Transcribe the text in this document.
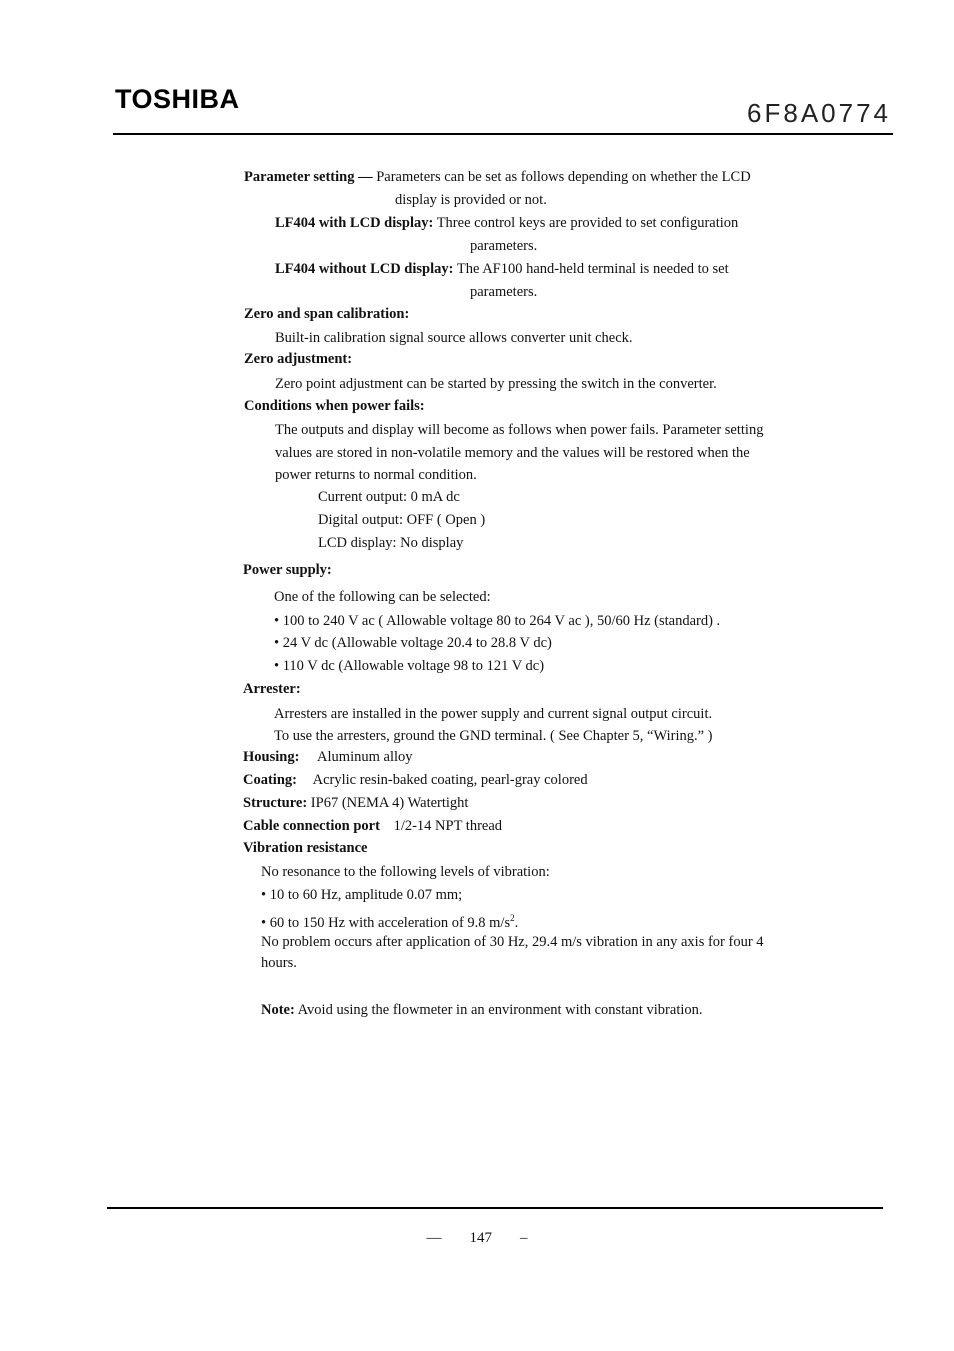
TOSHIBA	6F8A0774
Parameter setting — Parameters can be set as follows depending on whether the LCD
display is provided or not.
LF404 with LCD display: Three control keys are provided to set configuration
parameters.
LF404 without LCD display: The AF100 hand-held terminal is needed to set
parameters.
Zero and span calibration:
Built-in calibration signal source allows converter unit check.
Zero adjustment:
Zero point adjustment can be started by pressing the switch in the converter.
Conditions when power fails:
The outputs and display will become as follows when power fails. Parameter setting
values are stored in non-volatile memory and the values will be restored when the
power returns to normal condition.
Current output: 0 mA dc
Digital output: OFF ( Open )
LCD display: No display
Power supply:
One of the following can be selected:
• 100 to 240 V ac ( Allowable voltage 80 to 264 V ac ), 50/60 Hz (standard) .
• 24 V dc (Allowable voltage 20.4 to 28.8 V dc)
• 110 V dc (Allowable voltage 98 to 121 V dc)
Arrester:
Arresters are installed in the power supply and current signal output circuit.
To use the arresters, ground the GND terminal. ( See Chapter 5, “Wiring.” )
Housing: Aluminum alloy
Coating: Acrylic resin-baked coating, pearl-gray colored
Structure: IP67 (NEMA 4) Watertight
Cable connection port 1/2-14 NPT thread
Vibration resistance
No resonance to the following levels of vibration:
• 10 to 60 Hz, amplitude 0.07 mm;
• 60 to 150 Hz with acceleration of 9.8 $m/s^2$.
No problem occurs after application of 30 Hz, 29.4 m/s vibration in any axis for four 4
hours.
Note: Avoid using the flowmeter in an environment with constant vibration.
— 147 –
